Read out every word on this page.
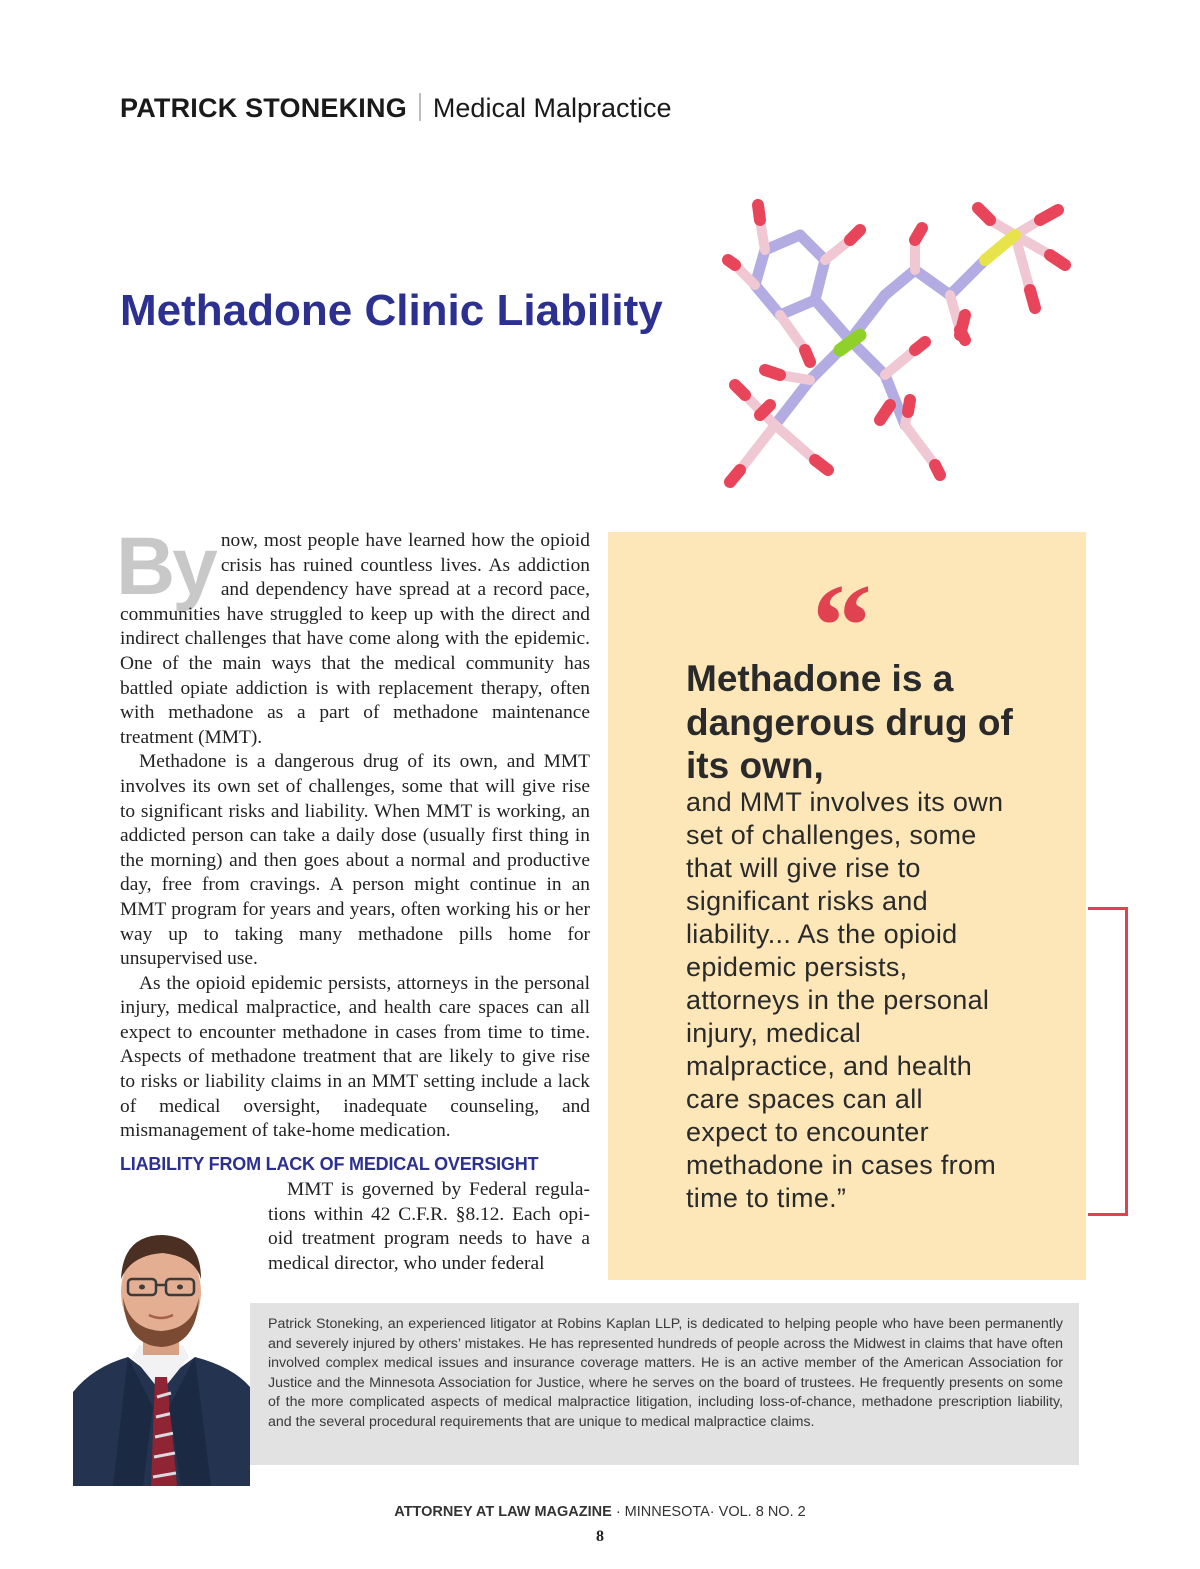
PATRICK STONEKING Medical Malpractice
Methadone Clinic Liability
By now, most people have learned how the opioid crisis has ruined countless lives. As addiction and dependency have spread at a record pace, communities have struggled to keep up with the direct and indirect challenges that have come along with the epidemic. One of the main ways that the medical community has battled opiate addiction is with replacement therapy, often with methadone as a part of methadone maintenance treatment (MMT).

Methadone is a dangerous drug of its own, and MMT involves its own set of challenges, some that will give rise to significant risks and liability. When MMT is working, an addicted person can take a daily dose (usually first thing in the morning) and then goes about a normal and productive day, free from cravings. A person might continue in an MMT program for years and years, often working his or her way up to taking many methadone pills home for unsupervised use.

As the opioid epidemic persists, attorneys in the personal injury, medical malpractice, and health care spaces can all expect to encounter methadone in cases from time to time. Aspects of methadone treatment that are likely to give rise to risks or liability claims in an MMT setting include a lack of medical oversight, inadequate counseling, and mismanagement of take-home medication.

LIABILITY FROM LACK OF MEDICAL OVERSIGHT

MMT is governed by Federal regulations within 42 C.F.R. §8.12. Each opioid treatment program needs to have a medical director, who under federal

“
Methadone is a dangerous drug of its own,
and MMT involves its own set of challenges, some that will give rise to significant risks and liability... As the opioid epidemic persists, attorneys in the personal injury, medical malpractice, and health care spaces can all expect to encounter methadone in cases from time to time.”

Patrick Stoneking, an experienced litigator at Robins Kaplan LLP, is dedicated to helping people who have been permanently and severely injured by others’ mistakes. He has represented hundreds of people across the Midwest in claims that have often involved complex medical issues and insurance coverage matters. He is an active member of the American Association for Justice and the Minnesota Association for Justice, where he serves on the board of trustees. He frequently presents on some of the more complicated aspects of medical malpractice litigation, including loss-of-chance, methadone prescription liability, and the several procedural requirements that are unique to medical malpractice claims.

ATTORNEY AT LAW MAGAZINE · MINNESOTA· VOL. 8 NO. 2
8
